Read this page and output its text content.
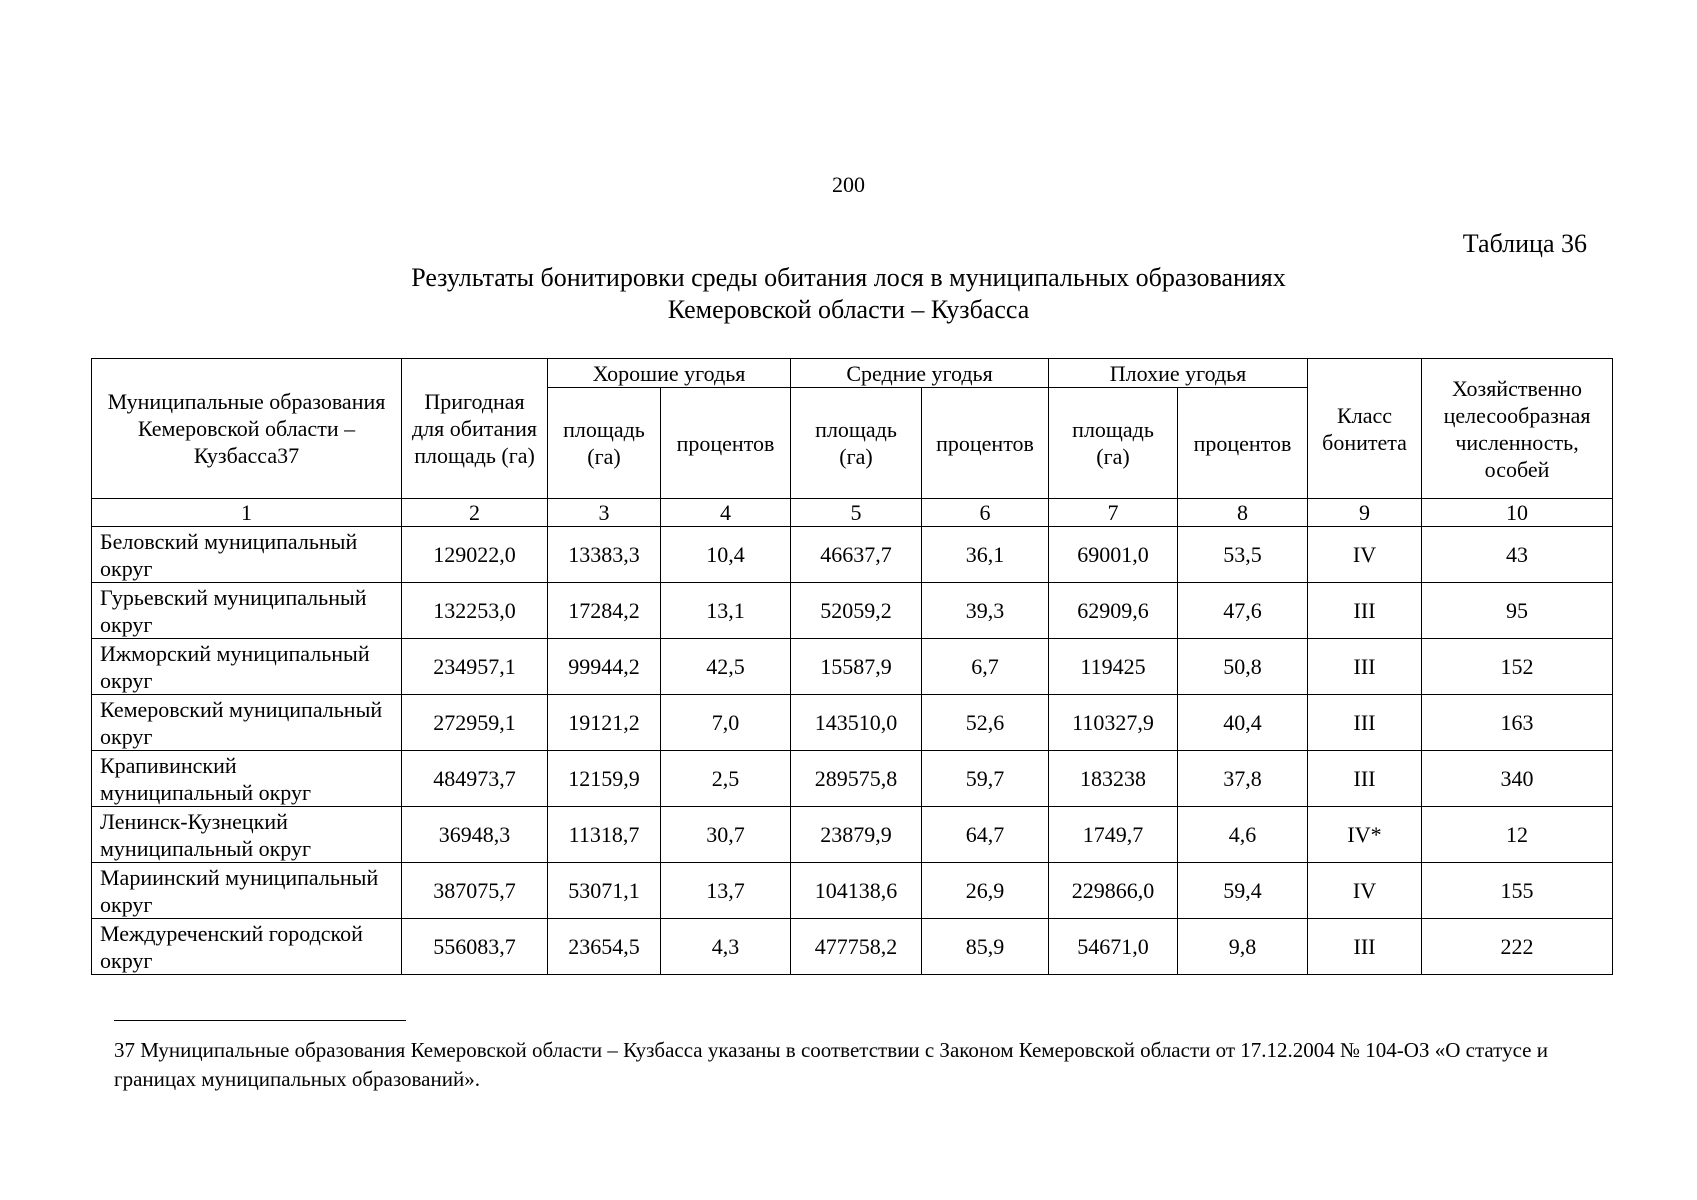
200
Таблица 36
Результаты бонитировки среды обитания лося в муниципальных образованиях
Кемеровской области – Кузбасса
Муниципальные образования Кемеровской области – Кузбасса37	Пригодная для обитания площадь (га)	Хорошие угодья		Средние угодья		Плохие угодья		Класс бонитета	Хозяйственно целесообразная численность, особей
		площадь (га)	процентов	площадь (га)	процентов	площадь (га)	процентов		
1	2	3	4	5	6	7	8	9	10
Беловский муниципальный округ	129022,0	13383,3	10,4	46637,7	36,1	69001,0	53,5	IV	43
Гурьевский муниципальный округ	132253,0	17284,2	13,1	52059,2	39,3	62909,6	47,6	III	95
Ижморский муниципальный округ	234957,1	99944,2	42,5	15587,9	6,7	119425	50,8	III	152
Кемеровский муниципальный округ	272959,1	19121,2	7,0	143510,0	52,6	110327,9	40,4	III	163
Крапивинский муниципальный округ	484973,7	12159,9	2,5	289575,8	59,7	183238	37,8	III	340
Ленинск-Кузнецкий муниципальный округ	36948,3	11318,7	30,7	23879,9	64,7	1749,7	4,6	IV*	12
Мариинский муниципальный округ	387075,7	53071,1	13,7	104138,6	26,9	229866,0	59,4	IV	155
Междуреченский городской округ	556083,7	23654,5	4,3	477758,2	85,9	54671,0	9,8	III	222
37 Муниципальные образования Кемеровской области – Кузбасса указаны в соответствии с Законом Кемеровской области от 17.12.2004 № 104-ОЗ «О статусе и границах муниципальных образований».
